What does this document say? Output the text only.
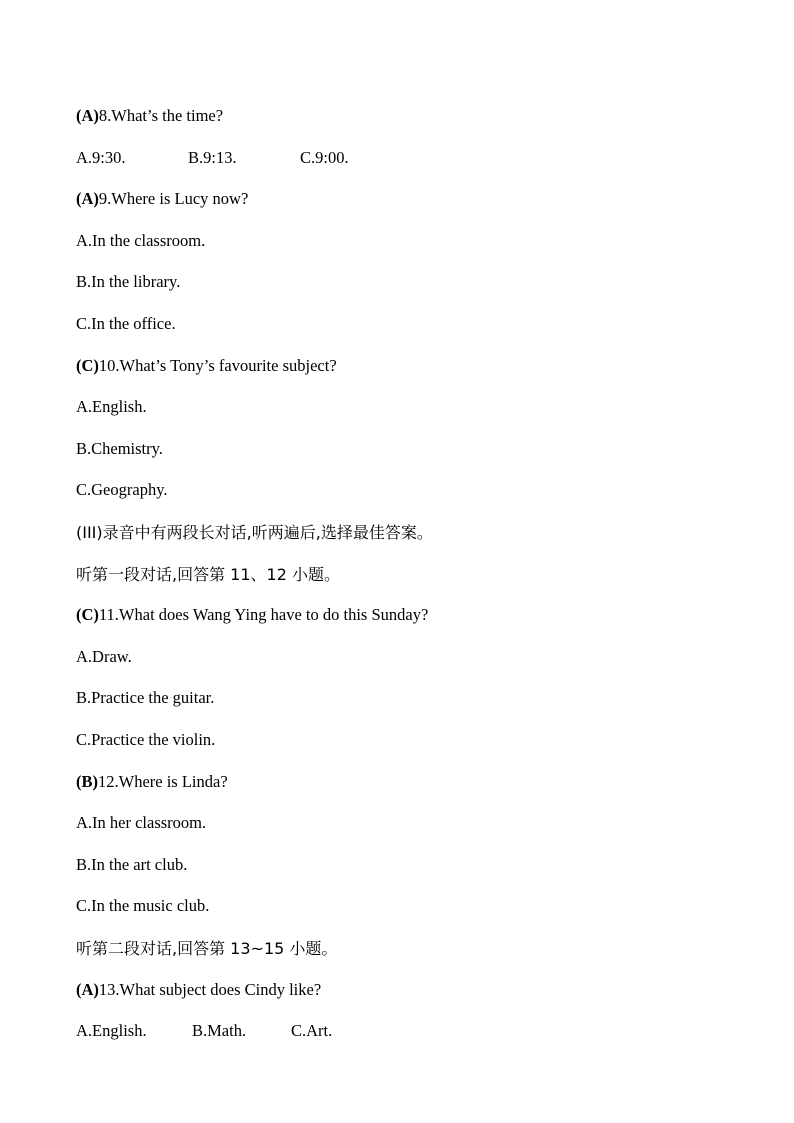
(A)8.What’s the time?
A.9:30.	B.9:13.	C.9:00.
(A)9.Where is Lucy now?
A.In the classroom.
B.In the library.
C.In the office.
(C)10.What’s Tony’s favourite subject?
A.English.
B.Chemistry.
C.Geography.
(III)录音中有两段长对话,听两遍后,选择最佳答案。
听第一段对话,回答第 11、12 小题。
(C)11.What does Wang Ying have to do this Sunday?
A.Draw.
B.Practice the guitar.
C.Practice the violin.
(B)12.Where is Linda?
A.In her classroom.
B.In the art club.
C.In the music club.
听第二段对话,回答第 13~15 小题。
(A)13.What subject does Cindy like?
A.English.	B.Math.	C.Art.
